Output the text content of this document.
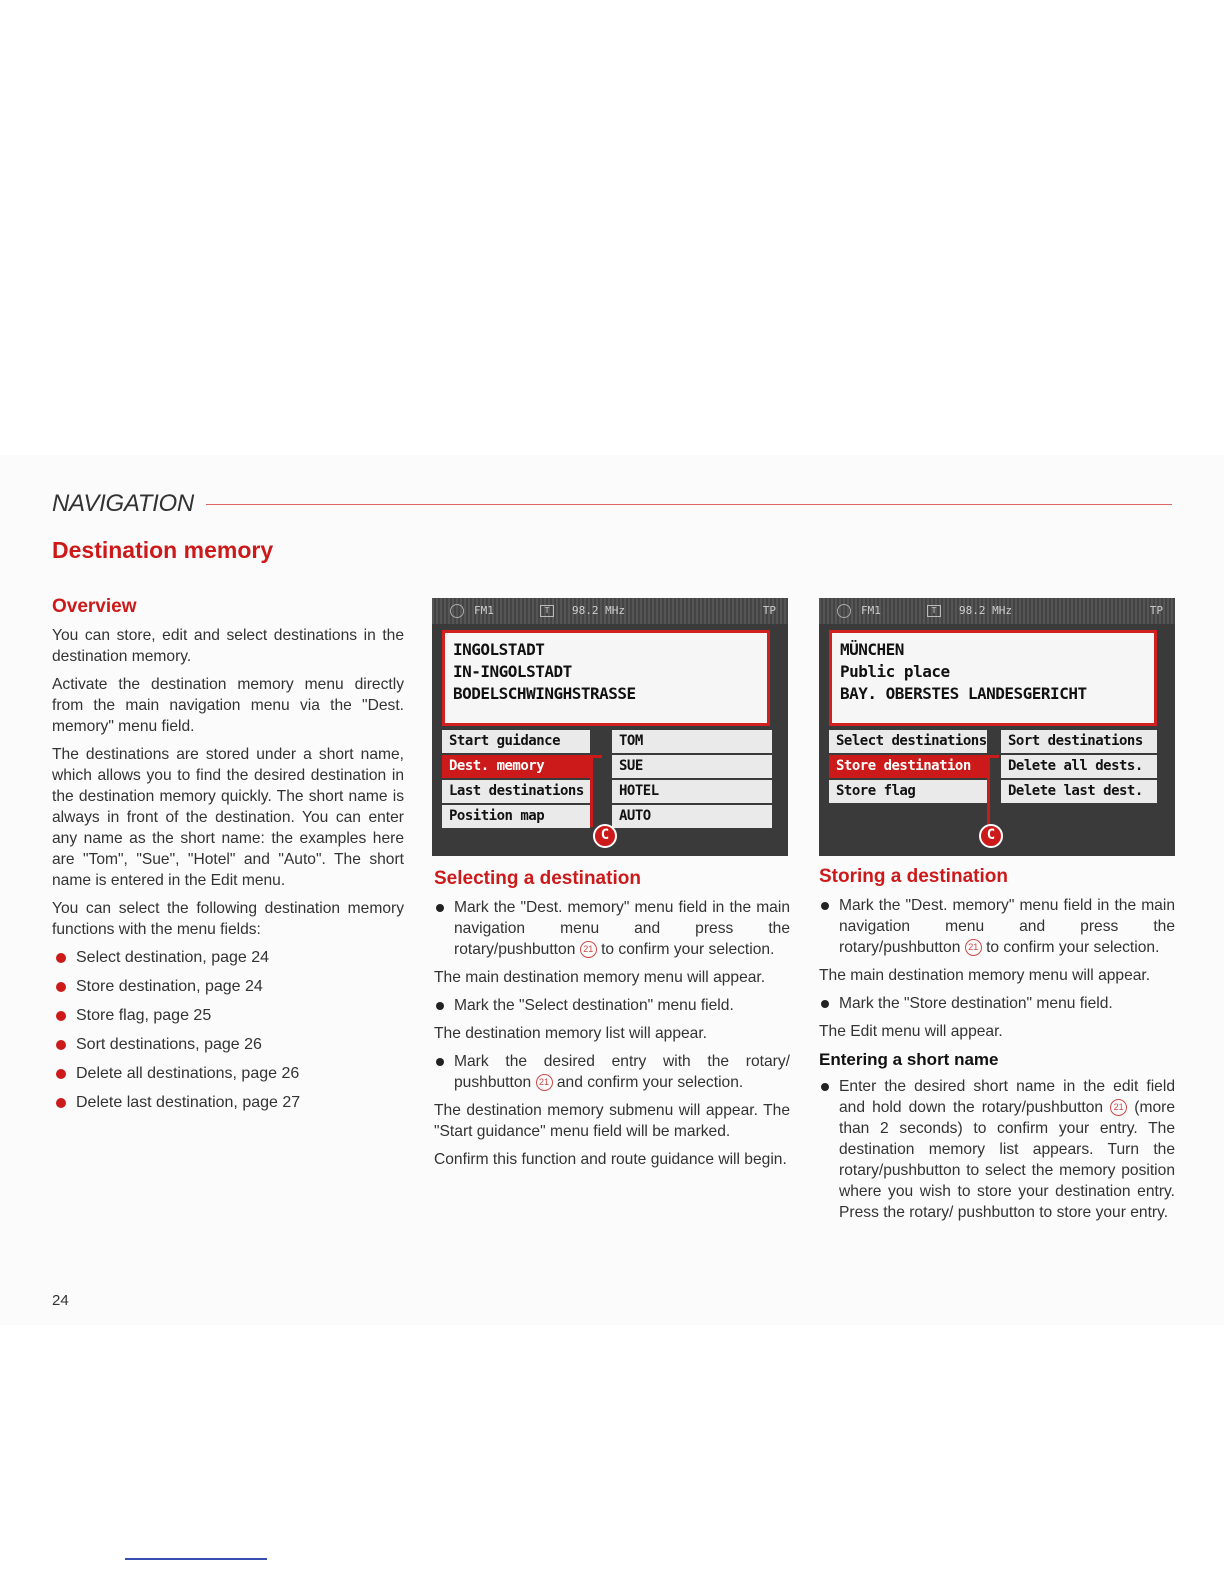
NAVIGATION
Destination memory
Overview

You can store, edit and select destinations in the destination memory.

Activate the destination memory menu directly from the main navigation menu via the "Dest. memory" menu field.

The destinations are stored under a short name, which allows you to find the desired destination in the destination memory quickly. The short name is always in front of the destination. You can enter any name as the short name: the examples here are "Tom", "Sue", "Hotel" and "Auto". The short name is entered in the Edit menu.

You can select the following destination memory functions with the menu fields:

Select destination, page 24
Store destination, page 24
Store flag, page 25
Sort destinations, page 26
Delete all destinations, page 26
Delete last destination, page 27
FM1	T	98.2 MHz	TP
INGOLSTADT
IN-INGOLSTADT
BODELSCHWINGHSTRASSE
Start guidance
Dest. memory
Last destinations
Position map
TOM
SUE
HOTEL
AUTO
C
FM1	T	98.2 MHz	TP
MÜNCHEN
Public place
BAY. OBERSTES LANDESGERICHT
Select destinations
Store destination
Store flag
Sort destinations
Delete all dests.
Delete last dest.
C
Selecting a destination

Mark the "Dest. memory" menu field in the main navigation menu and press the rotary/pushbutton 21 to confirm your selection.

The main destination memory menu will appear.

Mark the "Select destination" menu field.

The destination memory list will appear.

Mark the desired entry with the rotary/ pushbutton 21 and confirm your selection.

The destination memory submenu will appear. The "Start guidance" menu field will be marked.

Confirm this function and route guidance will begin.

Storing a destination

Mark the "Dest. memory" menu field in the main navigation menu and press the rotary/pushbutton 21 to confirm your selection.

The main destination memory menu will appear.

Mark the "Store destination" menu field.

The Edit menu will appear.

Entering a short name

Enter the desired short name in the edit field and hold down the rotary/pushbutton 21 (more than 2 seconds) to confirm your entry. The destination memory list appears. Turn the rotary/pushbutton to select the memory position where you wish to store your destination entry. Press the rotary/ pushbutton to store your entry.

24
